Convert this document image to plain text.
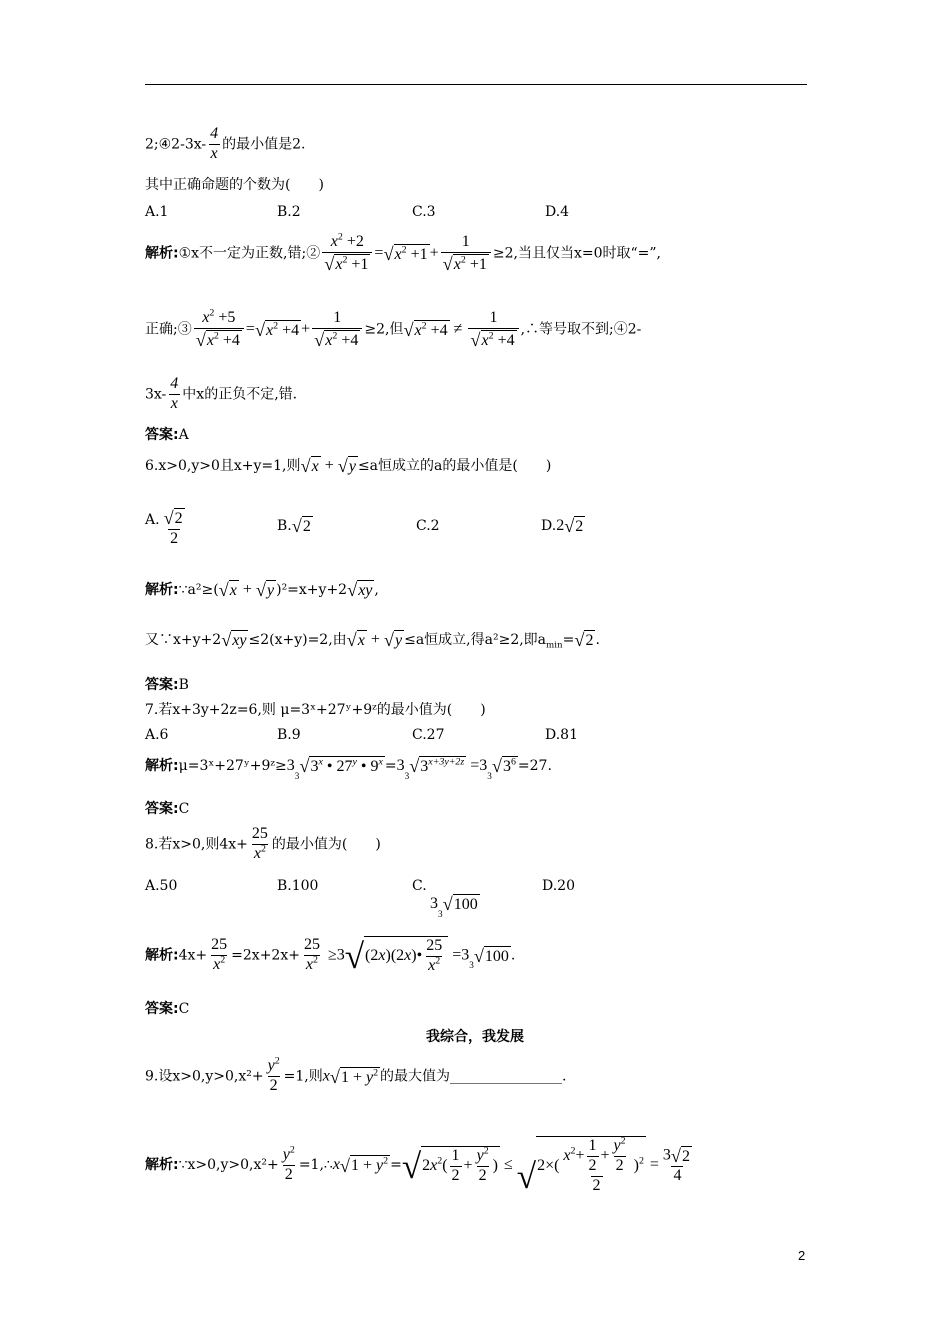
2;④2-3x- $\frac{4}{x}$ 的最小值是2.
其中正确命题的个数为(　　)
A.1	B.2	C.3	D.4
解析:①x不一定为正数,错;② $\frac{x^2 +2}{√ x^2 +1}$ = √ $x^2 +1 + \frac{1}{√ x^2 +1} \ge 2$,当且仅当x=0时取“=”,
正确;③ $\frac{x^2 +5}{√ x^2 +4}$ = √ $x^2 +4 + \frac{1}{√ x^2 +4} \ge 2$,但 √ $x^2 +4 \ne \frac{1}{√ x^2 +4}$ ,∴等号取不到;④2-
$3x- \frac{4}{x}$ 中x的正负不定,错.
答案:A
6.x>0,y>0且x+y=1,则 √ x + √ y ≤a恒成立的a的最小值是(　　)
A. $\frac{√ 2}{2}$	B. √ 2	C.2	D.2 √ 2
解析:∵a²≥( √ x + √ y )²=x+y+2 √ xy ,
又∵x+y+2 √ xy ≤2(x+y)=2,由 √ x + √ y ≤a恒成立,得a²≥2,即$a_{min}=$ √ 2 .
答案:B
7.若x+3y+2z=6,则 μ=3ˣ+27ʸ+9ᶻ的最小值为(　　)
A.6	B.9	C.27	D.81
解析:μ=3ˣ+27ʸ+9ᶻ≥3
3 √ 3$^x$ • 27$^y$ • $9^x =3$
3 √ $3^{x+3y+2z} =3$
3 √ $3^6 =27$.
答案:C
8.若x>0,则$4x+ \frac{25}{x^2}$ 的最小值为(　　)
A.50	B.100	C.
3
3 √ 100
D.20
解析:4x+ $\frac{25}{x^2} =2x+2x+ \frac{25}{x^2} \ge 3$ √ (2x)(2x)• $\frac{25}{x^2} =3$
3 √ 100 .
答案:C
我综合，我发展
9.设$x>0,y>0,x^2+ \frac{y^2}{2} =1$,则x √ $1 + y^2$ 的最大值为________________.
解析:∵x>0,y>0,x²+ $\frac{y^2}{2}$ =1,∴x √ $1 + y^2$ = √ $2x^2( \frac{1}{2} + \frac{y^2}{2}$ ) ≤ √ $2\times( \frac{x^2+ \frac{1}{2} + \frac{y^2}{2}}{2} )^2 = \frac{3 √ 2}{4}$
2
